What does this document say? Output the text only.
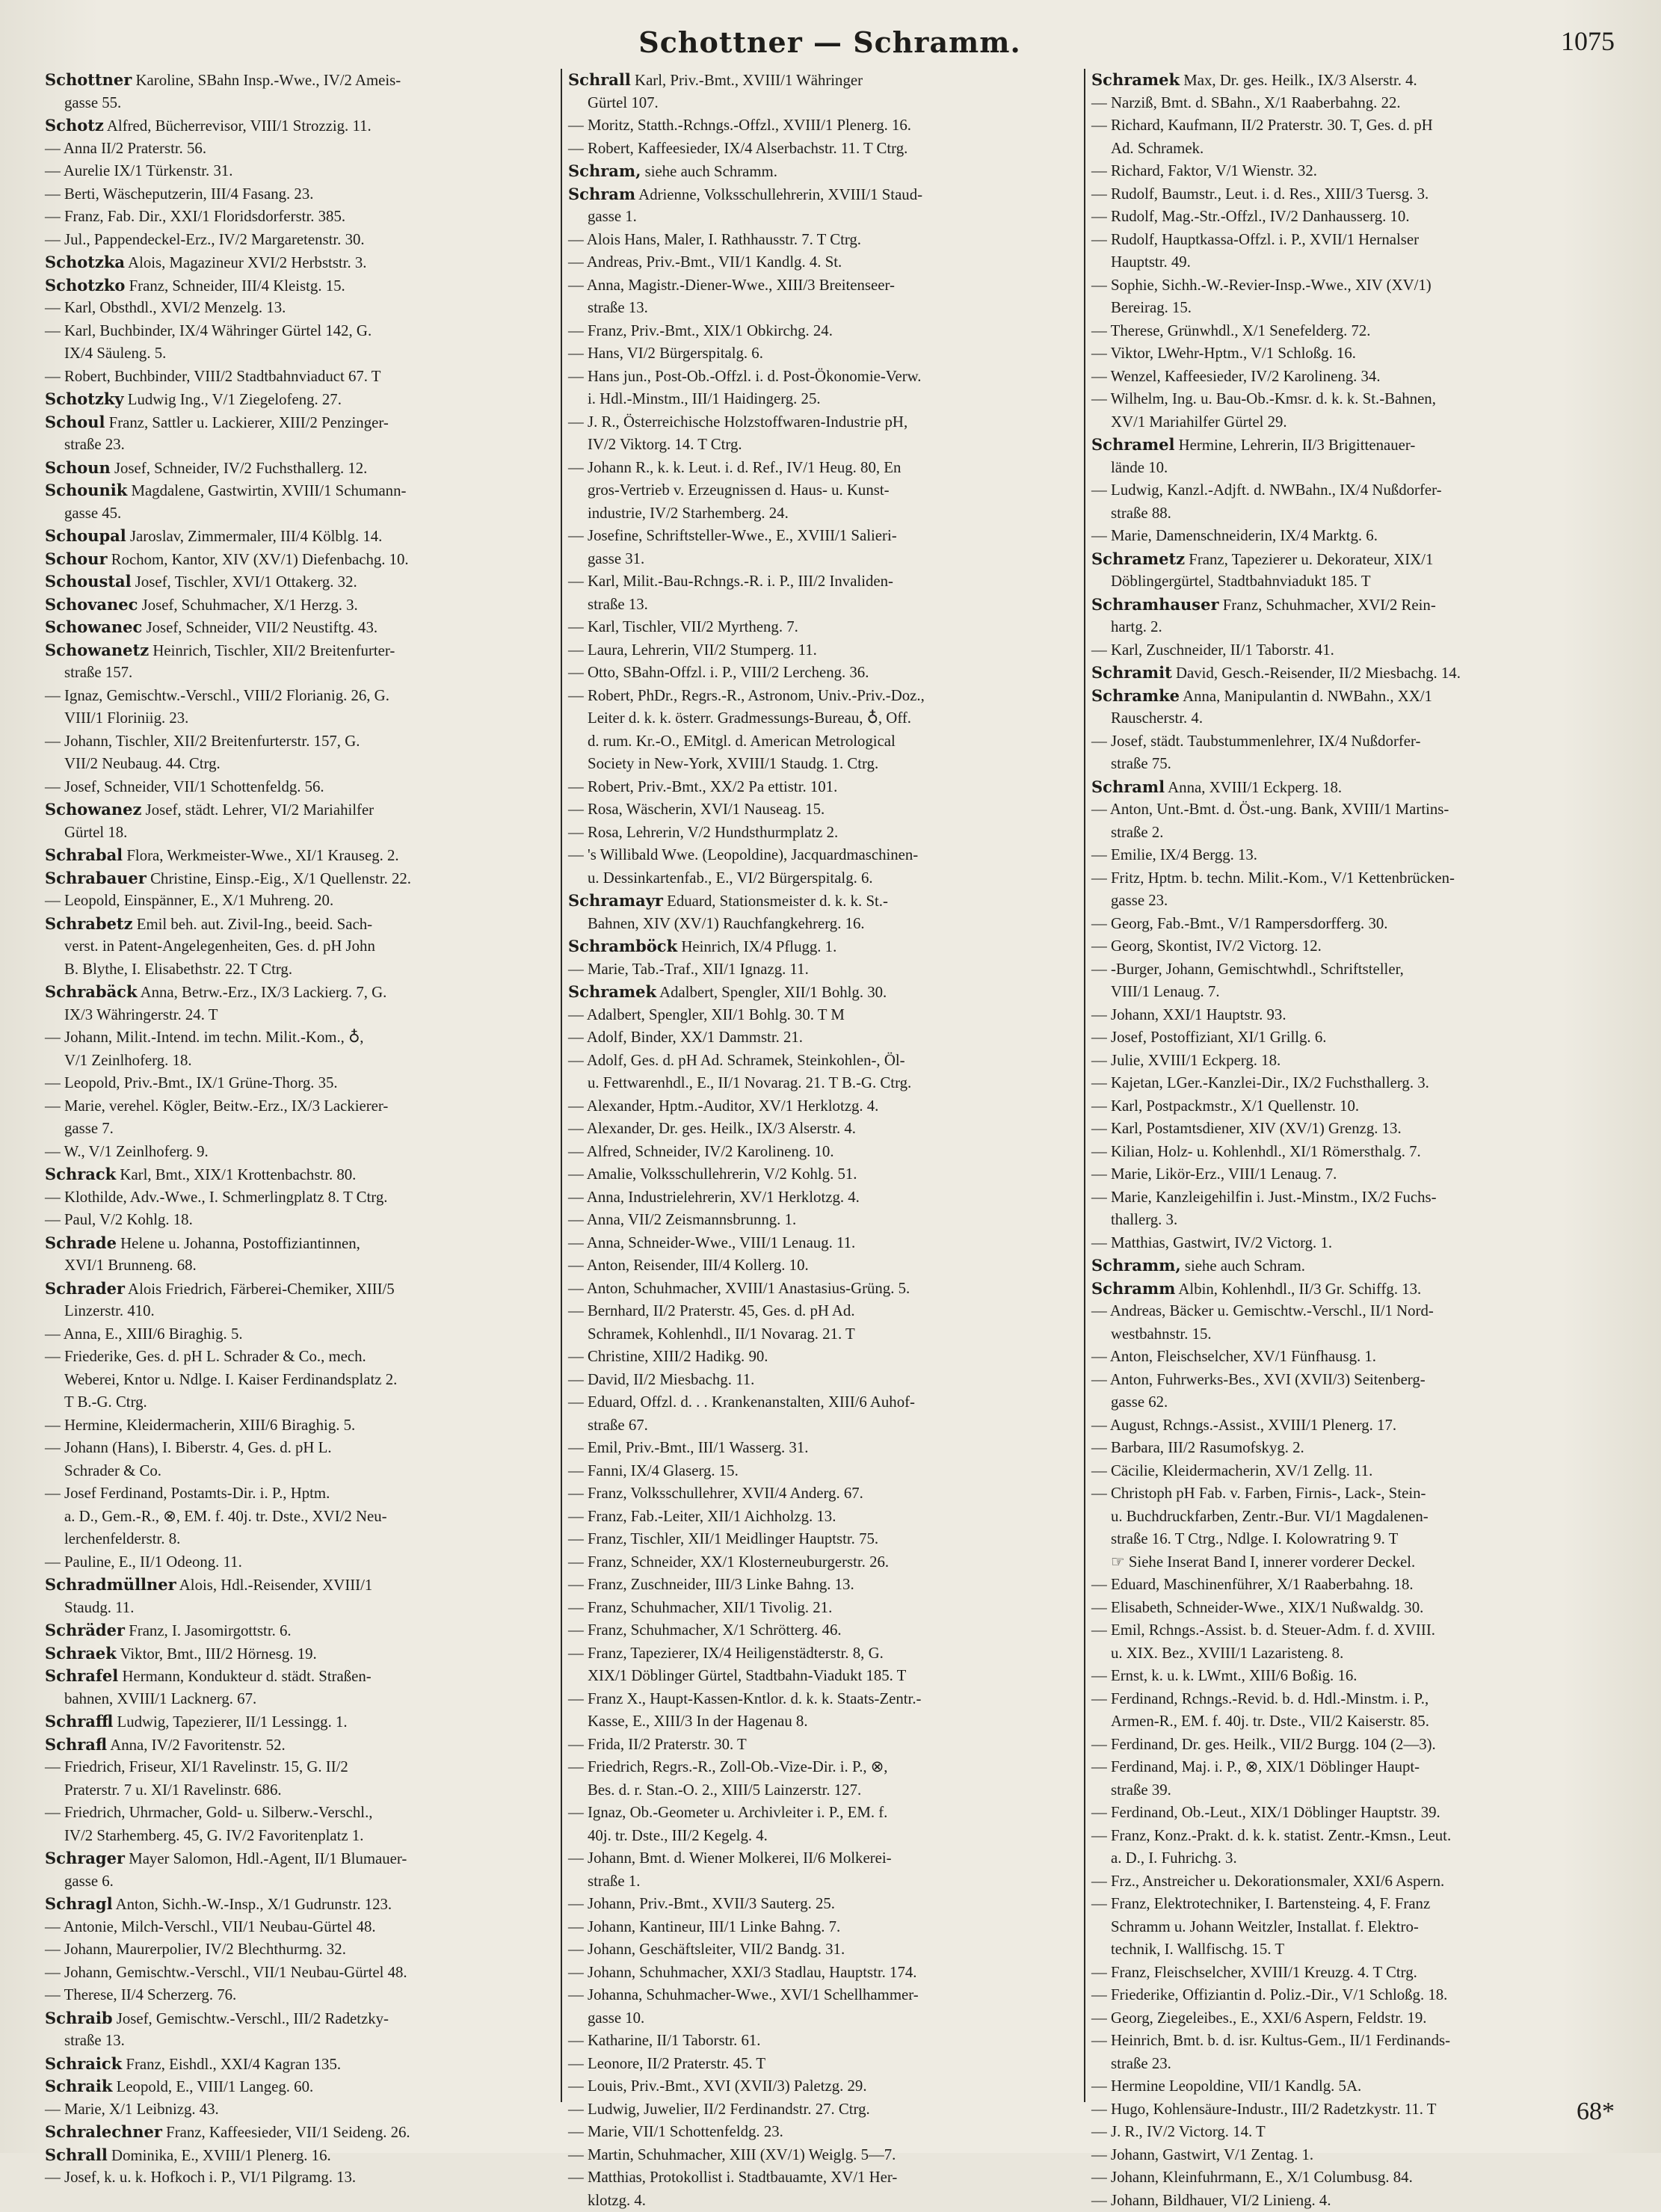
Schottner — Schramm.	1075
Schottner Karoline, SBahn Insp.-Wwe., IV/2 Ameis-
gasse 55.
Schotz Alfred, Bücherrevisor, VIII/1 Strozzig. 11.
— Anna II/2 Praterstr. 56.
— Aurelie IX/1 Türkenstr. 31.
— Berti, Wäscheputzerin, III/4 Fasang. 23.
— Franz, Fab. Dir., XXI/1 Floridsdorferstr. 385.
— Jul., Pappendeckel-Erz., IV/2 Margaretenstr. 30.
Schotzka Alois, Magazineur XVI/2 Herbststr. 3.
Schotzko Franz, Schneider, III/4 Kleistg. 15.
— Karl, Obsthdl., XVI/2 Menzelg. 13.
— Karl, Buchbinder, IX/4 Währinger Gürtel 142, G.
IX/4 Säuleng. 5.
— Robert, Buchbinder, VIII/2 Stadtbahnviaduct 67. T
Schotzky Ludwig Ing., V/1 Ziegelofeng. 27.
Schoul Franz, Sattler u. Lackierer, XIII/2 Penzinger-
straße 23.
Schoun Josef, Schneider, IV/2 Fuchsthallerg. 12.
Schounik Magdalene, Gastwirtin, XVIII/1 Schumann-
gasse 45.
Schoupal Jaroslav, Zimmermaler, III/4 Kölblg. 14.
Schour Rochom, Kantor, XIV (XV/1) Diefenbachg. 10.
Schoustal Josef, Tischler, XVI/1 Ottakerg. 32.
Schovanec Josef, Schuhmacher, X/1 Herzg. 3.
Schowanec Josef, Schneider, VII/2 Neustiftg. 43.
Schowanetz Heinrich, Tischler, XII/2 Breitenfurter-
straße 157.
— Ignaz, Gemischtw.-Verschl., VIII/2 Florianig. 26, G.
VIII/1 Floriniig. 23.
— Johann, Tischler, XII/2 Breitenfurterstr. 157, G.
VII/2 Neubaug. 44. Ctrg.
— Josef, Schneider, VII/1 Schottenfeldg. 56.
Schowanez Josef, städt. Lehrer, VI/2 Mariahilfer
Gürtel 18.
Schrabal Flora, Werkmeister-Wwe., XI/1 Krauseg. 2.
Schrabauer Christine, Einsp.-Eig., X/1 Quellenstr. 22.
— Leopold, Einspänner, E., X/1 Muhreng. 20.
Schrabetz Emil beh. aut. Zivil-Ing., beeid. Sach-
verst. in Patent-Angelegenheiten, Ges. d. pH John
B. Blythe, I. Elisabethstr. 22. T Ctrg.
Schrabäck Anna, Betrw.-Erz., IX/3 Lackierg. 7, G.
IX/3 Währingerstr. 24. T
— Johann, Milit.-Intend. im techn. Milit.-Kom., ♁,
V/1 Zeinlhoferg. 18.
— Leopold, Priv.-Bmt., IX/1 Grüne-Thorg. 35.
— Marie, verehel. Kögler, Beitw.-Erz., IX/3 Lackierer-
gasse 7.
— W., V/1 Zeinlhoferg. 9.
Schrack Karl, Bmt., XIX/1 Krottenbachstr. 80.
— Klothilde, Adv.-Wwe., I. Schmerlingplatz 8. T Ctrg.
— Paul, V/2 Kohlg. 18.
Schrade Helene u. Johanna, Postoffiziantinnen,
XVI/1 Brunneng. 68.
Schrader Alois Friedrich, Färberei-Chemiker, XIII/5
Linzerstr. 410.
— Anna, E., XIII/6 Biraghig. 5.
— Friederike, Ges. d. pH L. Schrader & Co., mech.
Weberei, Kntor u. Ndlge. I. Kaiser Ferdinandsplatz 2.
T B.-G. Ctrg.
— Hermine, Kleidermacherin, XIII/6 Biraghig. 5.
— Johann (Hans), I. Biberstr. 4, Ges. d. pH L.
Schrader & Co.
— Josef Ferdinand, Postamts-Dir. i. P., Hptm.
a. D., Gem.-R., ⊗, EM. f. 40j. tr. Dste., XVI/2 Neu-
lerchenfelderstr. 8.
— Pauline, E., II/1 Odeong. 11.
Schradmüllner Alois, Hdl.-Reisender, XVIII/1
Staudg. 11.
Schräder Franz, I. Jasomirgottstr. 6.
Schraek Viktor, Bmt., III/2 Hörnesg. 19.
Schrafel Hermann, Kondukteur d. städt. Straßen-
bahnen, XVIII/1 Lacknerg. 67.
Schraffl Ludwig, Tapezierer, II/1 Lessingg. 1.
Schrafl Anna, IV/2 Favoritenstr. 52.
— Friedrich, Friseur, XI/1 Ravelinstr. 15, G. II/2
Praterstr. 7 u. XI/1 Ravelinstr. 686.
— Friedrich, Uhrmacher, Gold- u. Silberw.-Verschl.,
IV/2 Starhemberg. 45, G. IV/2 Favoritenplatz 1.
Schrager Mayer Salomon, Hdl.-Agent, II/1 Blumauer-
gasse 6.
Schragl Anton, Sichh.-W.-Insp., X/1 Gudrunstr. 123.
— Antonie, Milch-Verschl., VII/1 Neubau-Gürtel 48.
— Johann, Maurerpolier, IV/2 Blechthurmg. 32.
— Johann, Gemischtw.-Verschl., VII/1 Neubau-Gürtel 48.
— Therese, II/4 Scherzerg. 76.
Schraib Josef, Gemischtw.-Verschl., III/2 Radetzky-
straße 13.
Schraick Franz, Eishdl., XXI/4 Kagran 135.
Schraik Leopold, E., VIII/1 Langeg. 60.
— Marie, X/1 Leibnizg. 43.
Schralechner Franz, Kaffeesieder, VII/1 Seideng. 26.
Schrall Dominika, E., XVIII/1 Plenerg. 16.
— Josef, k. u. k. Hofkoch i. P., VI/1 Pilgramg. 13.
Schrall Karl, Priv.-Bmt., XVIII/1 Währinger
Gürtel 107.
— Moritz, Statth.-Rchngs.-Offzl., XVIII/1 Plenerg. 16.
— Robert, Kaffeesieder, IX/4 Alserbachstr. 11. T Ctrg.
Schram, siehe auch Schramm.
Schram Adrienne, Volksschullehrerin, XVIII/1 Staud-
gasse 1.
— Alois Hans, Maler, I. Rathhausstr. 7. T Ctrg.
— Andreas, Priv.-Bmt., VII/1 Kandlg. 4. St.
— Anna, Magistr.-Diener-Wwe., XIII/3 Breitenseer-
straße 13.
— Franz, Priv.-Bmt., XIX/1 Obkirchg. 24.
— Hans, VI/2 Bürgerspitalg. 6.
— Hans jun., Post-Ob.-Offzl. i. d. Post-Ökonomie-Verw.
i. Hdl.-Minstm., III/1 Haidingerg. 25.
— J. R., Österreichische Holzstoffwaren-Industrie pH,
IV/2 Viktorg. 14. T Ctrg.
— Johann R., k. k. Leut. i. d. Ref., IV/1 Heug. 80, En
gros-Vertrieb v. Erzeugnissen d. Haus- u. Kunst-
industrie, IV/2 Starhemberg. 24.
— Josefine, Schriftsteller-Wwe., E., XVIII/1 Salieri-
gasse 31.
— Karl, Milit.-Bau-Rchngs.-R. i. P., III/2 Invaliden-
straße 13.
— Karl, Tischler, VII/2 Myrtheng. 7.
— Laura, Lehrerin, VII/2 Stumperg. 11.
— Otto, SBahn-Offzl. i. P., VIII/2 Lercheng. 36.
— Robert, PhDr., Regrs.-R., Astronom, Univ.-Priv.-Doz.,
Leiter d. k. k. österr. Gradmessungs-Bureau, ♁, Off.
d. rum. Kr.-O., EMitgl. d. American Metrological
Society in New-York, XVIII/1 Staudg. 1. Ctrg.
— Robert, Priv.-Bmt., XX/2 Pa ettistr. 101.
— Rosa, Wäscherin, XVI/1 Nauseag. 15.
— Rosa, Lehrerin, V/2 Hundsthurmplatz 2.
— 's Willibald Wwe. (Leopoldine), Jacquardmaschinen-
u. Dessinkartenfab., E., VI/2 Bürgerspitalg. 6.
Schramayr Eduard, Stationsmeister d. k. k. St.-
Bahnen, XIV (XV/1) Rauchfangkehrerg. 16.
Schramböck Heinrich, IX/4 Pflugg. 1.
— Marie, Tab.-Traf., XII/1 Ignazg. 11.
Schramek Adalbert, Spengler, XII/1 Bohlg. 30.
— Adalbert, Spengler, XII/1 Bohlg. 30. T M
— Adolf, Binder, XX/1 Dammstr. 21.
— Adolf, Ges. d. pH Ad. Schramek, Steinkohlen-, Öl-
u. Fettwarenhdl., E., II/1 Novarag. 21. T B.-G. Ctrg.
— Alexander, Hptm.-Auditor, XV/1 Herklotzg. 4.
— Alexander, Dr. ges. Heilk., IX/3 Alserstr. 4.
— Alfred, Schneider, IV/2 Karolineng. 10.
— Amalie, Volksschullehrerin, V/2 Kohlg. 51.
— Anna, Industrielehrerin, XV/1 Herklotzg. 4.
— Anna, VII/2 Zeismannsbrunng. 1.
— Anna, Schneider-Wwe., VIII/1 Lenaug. 11.
— Anton, Reisender, III/4 Kollerg. 10.
— Anton, Schuhmacher, XVIII/1 Anastasius-Grüng. 5.
— Bernhard, II/2 Praterstr. 45, Ges. d. pH Ad.
Schramek, Kohlenhdl., II/1 Novarag. 21. T
— Christine, XIII/2 Hadikg. 90.
— David, II/2 Miesbachg. 11.
— Eduard, Offzl. d. . . Krankenanstalten, XIII/6 Auhof-
straße 67.
— Emil, Priv.-Bmt., III/1 Wasserg. 31.
— Fanni, IX/4 Glaserg. 15.
— Franz, Volksschullehrer, XVII/4 Anderg. 67.
— Franz, Fab.-Leiter, XII/1 Aichholzg. 13.
— Franz, Tischler, XII/1 Meidlinger Hauptstr. 75.
— Franz, Schneider, XX/1 Klosterneuburgerstr. 26.
— Franz, Zuschneider, III/3 Linke Bahng. 13.
— Franz, Schuhmacher, XII/1 Tivolig. 21.
— Franz, Schuhmacher, X/1 Schrötterg. 46.
— Franz, Tapezierer, IX/4 Heiligenstädterstr. 8, G.
XIX/1 Döblinger Gürtel, Stadtbahn-Viadukt 185. T
— Franz X., Haupt-Kassen-Kntlor. d. k. k. Staats-Zentr.-
Kasse, E., XIII/3 In der Hagenau 8.
— Frida, II/2 Praterstr. 30. T
— Friedrich, Regrs.-R., Zoll-Ob.-Vize-Dir. i. P., ⊗,
Bes. d. r. Stan.-O. 2., XIII/5 Lainzerstr. 127.
— Ignaz, Ob.-Geometer u. Archivleiter i. P., EM. f.
40j. tr. Dste., III/2 Kegelg. 4.
— Johann, Bmt. d. Wiener Molkerei, II/6 Molkerei-
straße 1.
— Johann, Priv.-Bmt., XVII/3 Sauterg. 25.
— Johann, Kantineur, III/1 Linke Bahng. 7.
— Johann, Geschäftsleiter, VII/2 Bandg. 31.
— Johann, Schuhmacher, XXI/3 Stadlau, Hauptstr. 174.
— Johanna, Schuhmacher-Wwe., XVI/1 Schellhammer-
gasse 10.
— Katharine, II/1 Taborstr. 61.
— Leonore, II/2 Praterstr. 45. T
— Louis, Priv.-Bmt., XVI (XVII/3) Paletzg. 29.
— Ludwig, Juwelier, II/2 Ferdinandstr. 27. Ctrg.
— Marie, VII/1 Schottenfeldg. 23.
— Martin, Schuhmacher, XIII (XV/1) Weiglg. 5—7.
— Matthias, Protokollist i. Stadtbauamte, XV/1 Her-
klotzg. 4.
Schramek Max, Dr. ges. Heilk., IX/3 Alserstr. 4.
— Narziß, Bmt. d. SBahn., X/1 Raaberbahng. 22.
— Richard, Kaufmann, II/2 Praterstr. 30. T, Ges. d. pH
Ad. Schramek.
— Richard, Faktor, V/1 Wienstr. 32.
— Rudolf, Baumstr., Leut. i. d. Res., XIII/3 Tuersg. 3.
— Rudolf, Mag.-Str.-Offzl., IV/2 Danhausserg. 10.
— Rudolf, Hauptkassa-Offzl. i. P., XVII/1 Hernalser
Hauptstr. 49.
— Sophie, Sichh.-W.-Revier-Insp.-Wwe., XIV (XV/1)
Bereirag. 15.
— Therese, Grünwhdl., X/1 Senefelderg. 72.
— Viktor, LWehr-Hptm., V/1 Schloßg. 16.
— Wenzel, Kaffeesieder, IV/2 Karolineng. 34.
— Wilhelm, Ing. u. Bau-Ob.-Kmsr. d. k. k. St.-Bahnen,
XV/1 Mariahilfer Gürtel 29.
Schramel Hermine, Lehrerin, II/3 Brigittenauer-
lände 10.
— Ludwig, Kanzl.-Adjft. d. NWBahn., IX/4 Nußdorfer-
straße 88.
— Marie, Damenschneiderin, IX/4 Marktg. 6.
Schrametz Franz, Tapezierer u. Dekorateur, XIX/1
Döblingergürtel, Stadtbahnviadukt 185. T
Schramhauser Franz, Schuhmacher, XVI/2 Rein-
hartg. 2.
— Karl, Zuschneider, II/1 Taborstr. 41.
Schramit David, Gesch.-Reisender, II/2 Miesbachg. 14.
Schramke Anna, Manipulantin d. NWBahn., XX/1
Rauscherstr. 4.
— Josef, städt. Taubstummenlehrer, IX/4 Nußdorfer-
straße 75.
Schraml Anna, XVIII/1 Eckperg. 18.
— Anton, Unt.-Bmt. d. Öst.-ung. Bank, XVIII/1 Martins-
straße 2.
— Emilie, IX/4 Bergg. 13.
— Fritz, Hptm. b. techn. Milit.-Kom., V/1 Kettenbrücken-
gasse 23.
— Georg, Fab.-Bmt., V/1 Rampersdorfferg. 30.
— Georg, Skontist, IV/2 Victorg. 12.
— -Burger, Johann, Gemischtwhdl., Schriftsteller,
VIII/1 Lenaug. 7.
— Johann, XXI/1 Hauptstr. 93.
— Josef, Postoffiziant, XI/1 Grillg. 6.
— Julie, XVIII/1 Eckperg. 18.
— Kajetan, LGer.-Kanzlei-Dir., IX/2 Fuchsthallerg. 3.
— Karl, Postpackmstr., X/1 Quellenstr. 10.
— Karl, Postamtsdiener, XIV (XV/1) Grenzg. 13.
— Kilian, Holz- u. Kohlenhdl., XI/1 Römersthalg. 7.
— Marie, Likör-Erz., VIII/1 Lenaug. 7.
— Marie, Kanzleigehilfin i. Just.-Minstm., IX/2 Fuchs-
thallerg. 3.
— Matthias, Gastwirt, IV/2 Victorg. 1.
Schramm, siehe auch Schram.
Schramm Albin, Kohlenhdl., II/3 Gr. Schiffg. 13.
— Andreas, Bäcker u. Gemischtw.-Verschl., II/1 Nord-
westbahnstr. 15.
— Anton, Fleischselcher, XV/1 Fünfhausg. 1.
— Anton, Fuhrwerks-Bes., XVI (XVII/3) Seitenberg-
gasse 62.
— August, Rchngs.-Assist., XVIII/1 Plenerg. 17.
— Barbara, III/2 Rasumofskyg. 2.
— Cäcilie, Kleidermacherin, XV/1 Zellg. 11.
— Christoph pH Fab. v. Farben, Firnis-, Lack-, Stein-
u. Buchdruckfarben, Zentr.-Bur. VI/1 Magdalenen-
straße 16. T Ctrg., Ndlge. I. Kolowratring 9. T
☞ Siehe Inserat Band I, innerer vorderer Deckel.
— Eduard, Maschinenführer, X/1 Raaberbahng. 18.
— Elisabeth, Schneider-Wwe., XIX/1 Nußwaldg. 30.
— Emil, Rchngs.-Assist. b. d. Steuer-Adm. f. d. XVIII.
u. XIX. Bez., XVIII/1 Lazaristeng. 8.
— Ernst, k. u. k. LWmt., XIII/6 Boßig. 16.
— Ferdinand, Rchngs.-Revid. b. d. Hdl.-Minstm. i. P.,
Armen-R., EM. f. 40j. tr. Dste., VII/2 Kaiserstr. 85.
— Ferdinand, Dr. ges. Heilk., VII/2 Burgg. 104 (2—3).
— Ferdinand, Maj. i. P., ⊗, XIX/1 Döblinger Haupt-
straße 39.
— Ferdinand, Ob.-Leut., XIX/1 Döblinger Hauptstr. 39.
— Franz, Konz.-Prakt. d. k. k. statist. Zentr.-Kmsn., Leut.
a. D., I. Fuhrichg. 3.
— Frz., Anstreicher u. Dekorationsmaler, XXI/6 Aspern.
— Franz, Elektrotechniker, I. Bartensteing. 4, F. Franz
Schramm u. Johann Weitzler, Installat. f. Elektro-
technik, I. Wallfischg. 15. T
— Franz, Fleischselcher, XVIII/1 Kreuzg. 4. T Ctrg.
— Friederike, Offiziantin d. Poliz.-Dir., V/1 Schloßg. 18.
— Georg, Ziegeleibes., E., XXI/6 Aspern, Feldstr. 19.
— Heinrich, Bmt. b. d. isr. Kultus-Gem., II/1 Ferdinands-
straße 23.
— Hermine Leopoldine, VII/1 Kandlg. 5A.
— Hugo, Kohlensäure-Industr., III/2 Radetzkystr. 11. T
— J. R., IV/2 Victorg. 14. T
— Johann, Gastwirt, V/1 Zentag. 1.
— Johann, Kleinfuhrmann, E., X/1 Columbusg. 84.
— Johann, Bildhauer, VI/2 Linieng. 4.
68*
